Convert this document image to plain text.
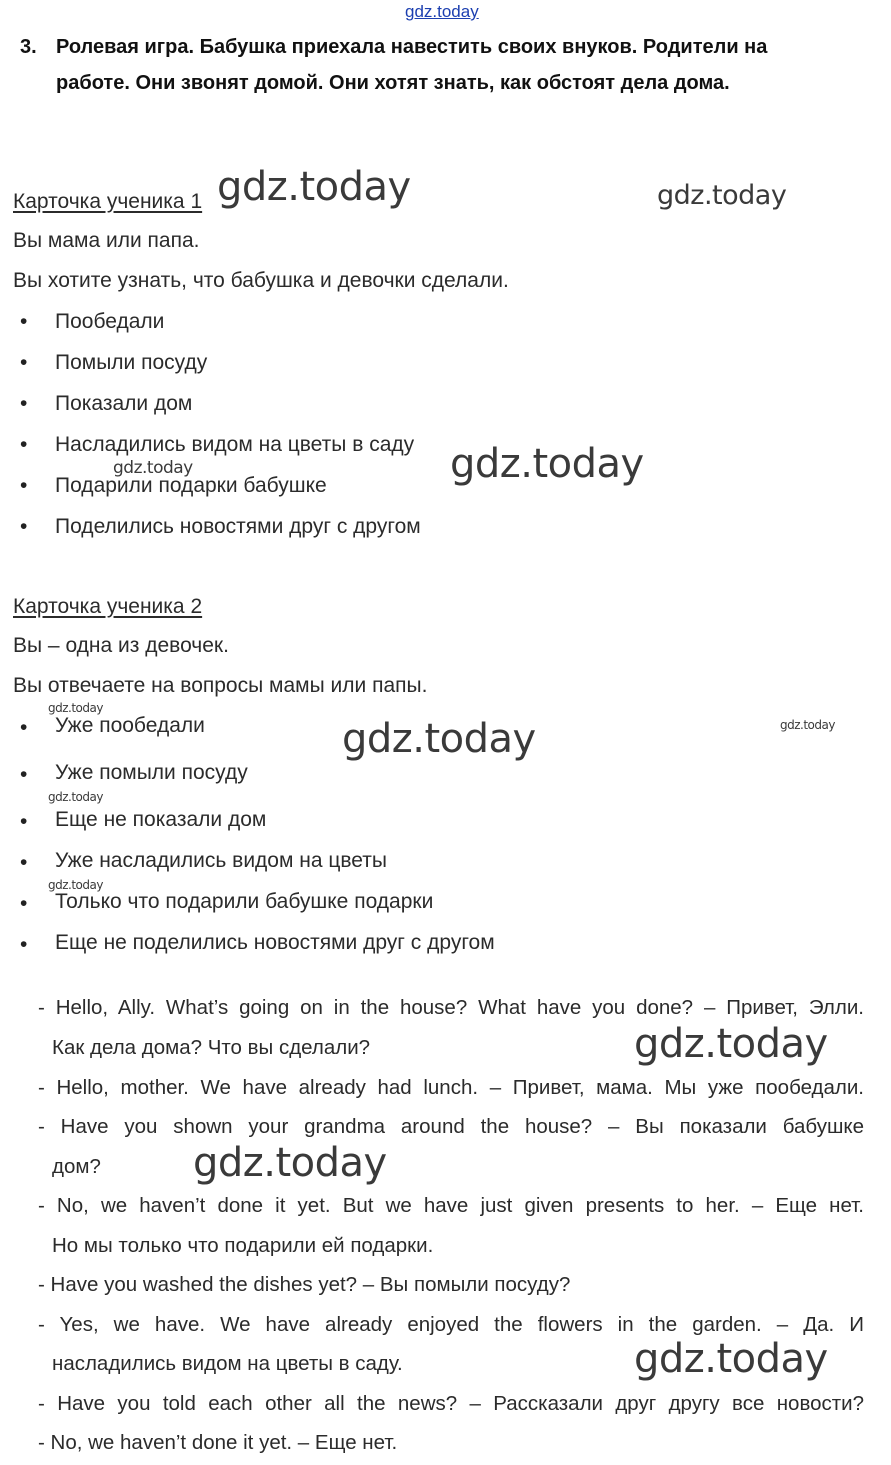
gdz.today
3. Ролевая игра. Бабушка приехала навестить своих внуков. Родители на
работе. Они звонят домой. Они хотят знать, как обстоят дела дома.
Карточка ученика 1
Вы мама или папа.
Вы хотите узнать, что бабушка и девочки сделали.
• Пообедали
• Помыли посуду
• Показали дом
• Насладились видом на цветы в саду
• Подарили подарки бабушке
• Поделились новостями друг с другом
Карточка ученика 2
Вы – одна из девочек.
Вы отвечаете на вопросы мамы или папы.
• Уже пообедали
• Уже помыли посуду
• Еще не показали дом
• Уже насладились видом на цветы
• Только что подарили бабушке подарки
• Еще не поделились новостями друг с другом
- Hello, Ally. What’s going on in the house? What have you done? – Привет, Элли.
Как дела дома? Что вы сделали?
- Hello, mother. We have already had lunch. – Привет, мама. Мы уже пообедали.
- Have you shown your grandma around the house? – Вы показали бабушке
дом?
- No, we haven’t done it yet. But we have just given presents to her. – Еще нет.
Но мы только что подарили ей подарки.
- Have you washed the dishes yet? – Вы помыли посуду?
- Yes, we have. We have already enjoyed the flowers in the garden. – Да. И
насладились видом на цветы в саду.
- Have you told each other all the news? – Рассказали друг другу все новости?
- No, we haven’t done it yet. – Еще нет.
gdz.today	gdz.today
gdz.today
gdz.today
gdz.today
gdz.today	gdz.today
gdz.today
gdz.today
gdz.today
gdz.today
gdz.today
